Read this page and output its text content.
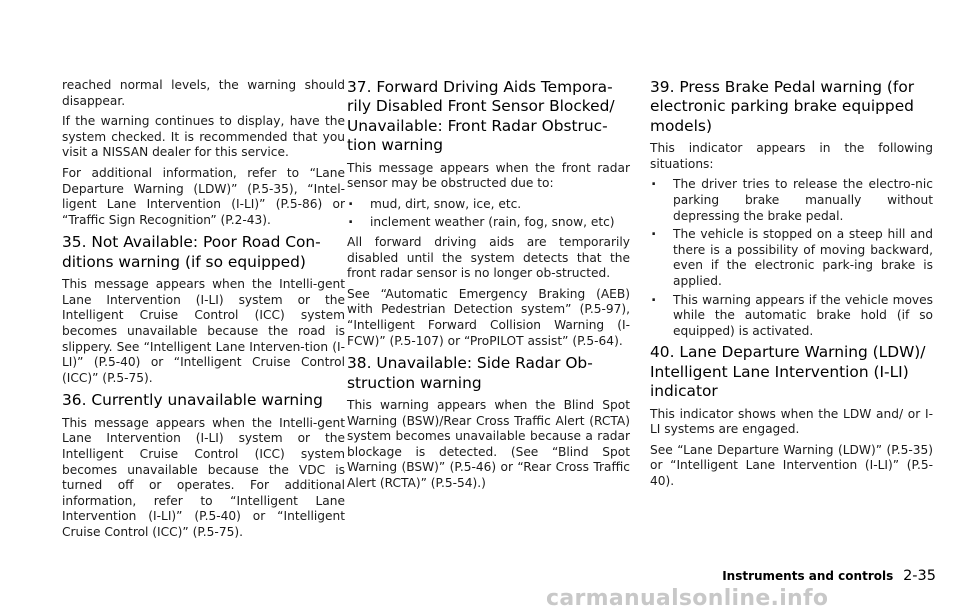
reached normal levels, the warning should disappear.

If the warning continues to display, have the system checked. It is recommended that you visit a NISSAN dealer for this service.

For additional information, refer to “Lane Departure Warning (LDW)” (P.5-35), “Intel-ligent Lane Intervention (I-LI)” (P.5-86) or “Traffic Sign Recognition” (P.2-43).

35. Not Available: Poor Road Con-ditions warning (if so equipped)

This message appears when the Intelli-gent Lane Intervention (I-LI) system or the Intelligent Cruise Control (ICC) system becomes unavailable because the road is slippery. See “Intelligent Lane Interven-tion (I-LI)” (P.5-40) or “Intelligent Cruise Control (ICC)” (P.5-75).

36. Currently unavailable warning

This message appears when the Intelli-gent Lane Intervention (I-LI) system or the Intelligent Cruise Control (ICC) system becomes unavailable because the VDC is turned off or operates. For additional information, refer to “Intelligent Lane Intervention (I-LI)” (P.5-40) or “Intelligent Cruise Control (ICC)” (P.5-75).

37. Forward Driving Aids Tempora-rily Disabled Front Sensor Blocked/ Unavailable: Front Radar Obstruc-tion warning

This message appears when the front radar sensor may be obstructed due to:

. mud, dirt, snow, ice, etc.
. inclement weather (rain, fog, snow, etc)

All forward driving aids are temporarily disabled until the system detects that the front radar sensor is no longer ob-structed.

See “Automatic Emergency Braking (AEB) with Pedestrian Detection system” (P.5-97), “Intelligent Forward Collision Warning (I-FCW)” (P.5-107) or “ProPILOT assist” (P.5-64).

38. Unavailable: Side Radar Ob-struction warning

This warning appears when the Blind Spot Warning (BSW)/Rear Cross Traffic Alert (RCTA) system becomes unavailable because a radar blockage is detected. (See “Blind Spot Warning (BSW)” (P.5-46) or “Rear Cross Traffic Alert (RCTA)” (P.5-54).)

39. Press Brake Pedal warning (for electronic parking brake equipped models)

This indicator appears in the following situations:

. The driver tries to release the electro-nic parking brake manually without depressing the brake pedal.
. The vehicle is stopped on a steep hill and there is a possibility of moving backward, even if the electronic park-ing brake is applied.
. This warning appears if the vehicle moves while the automatic brake hold (if so equipped) is activated.
40. Lane Departure Warning (LDW)/ Intelligent Lane Intervention (I-LI) indicator

This indicator shows when the LDW and/ or I-LI systems are engaged.

See “Lane Departure Warning (LDW)” (P.5-35) or “Intelligent Lane Intervention (I-LI)” (P.5-40).

Instruments and controls 2-35
carmanualsonline.info
